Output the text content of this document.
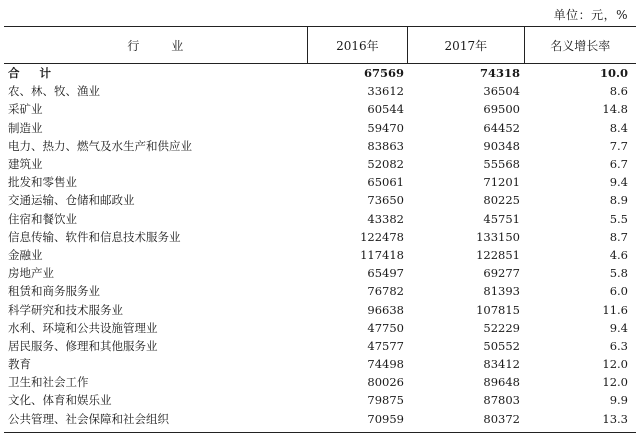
单位：元，%
行 业	2016年	2017年	名义增长率
合 计	67569	74318	10.0
农、林、牧、渔业	33612	36504	8.6
采矿业	60544	69500	14.8
制造业	59470	64452	8.4
电力、热力、燃气及水生产和供应业	83863	90348	7.7
建筑业	52082	55568	6.7
批发和零售业	65061	71201	9.4
交通运输、仓储和邮政业	73650	80225	8.9
住宿和餐饮业	43382	45751	5.5
信息传输、软件和信息技术服务业	122478	133150	8.7
金融业	117418	122851	4.6
房地产业	65497	69277	5.8
租赁和商务服务业	76782	81393	6.0
科学研究和技术服务业	96638	107815	11.6
水利、环境和公共设施管理业	47750	52229	9.4
居民服务、修理和其他服务业	47577	50552	6.3
教育	74498	83412	12.0
卫生和社会工作	80026	89648	12.0
文化、体育和娱乐业	79875	87803	9.9
公共管理、社会保障和社会组织	70959	80372	13.3
